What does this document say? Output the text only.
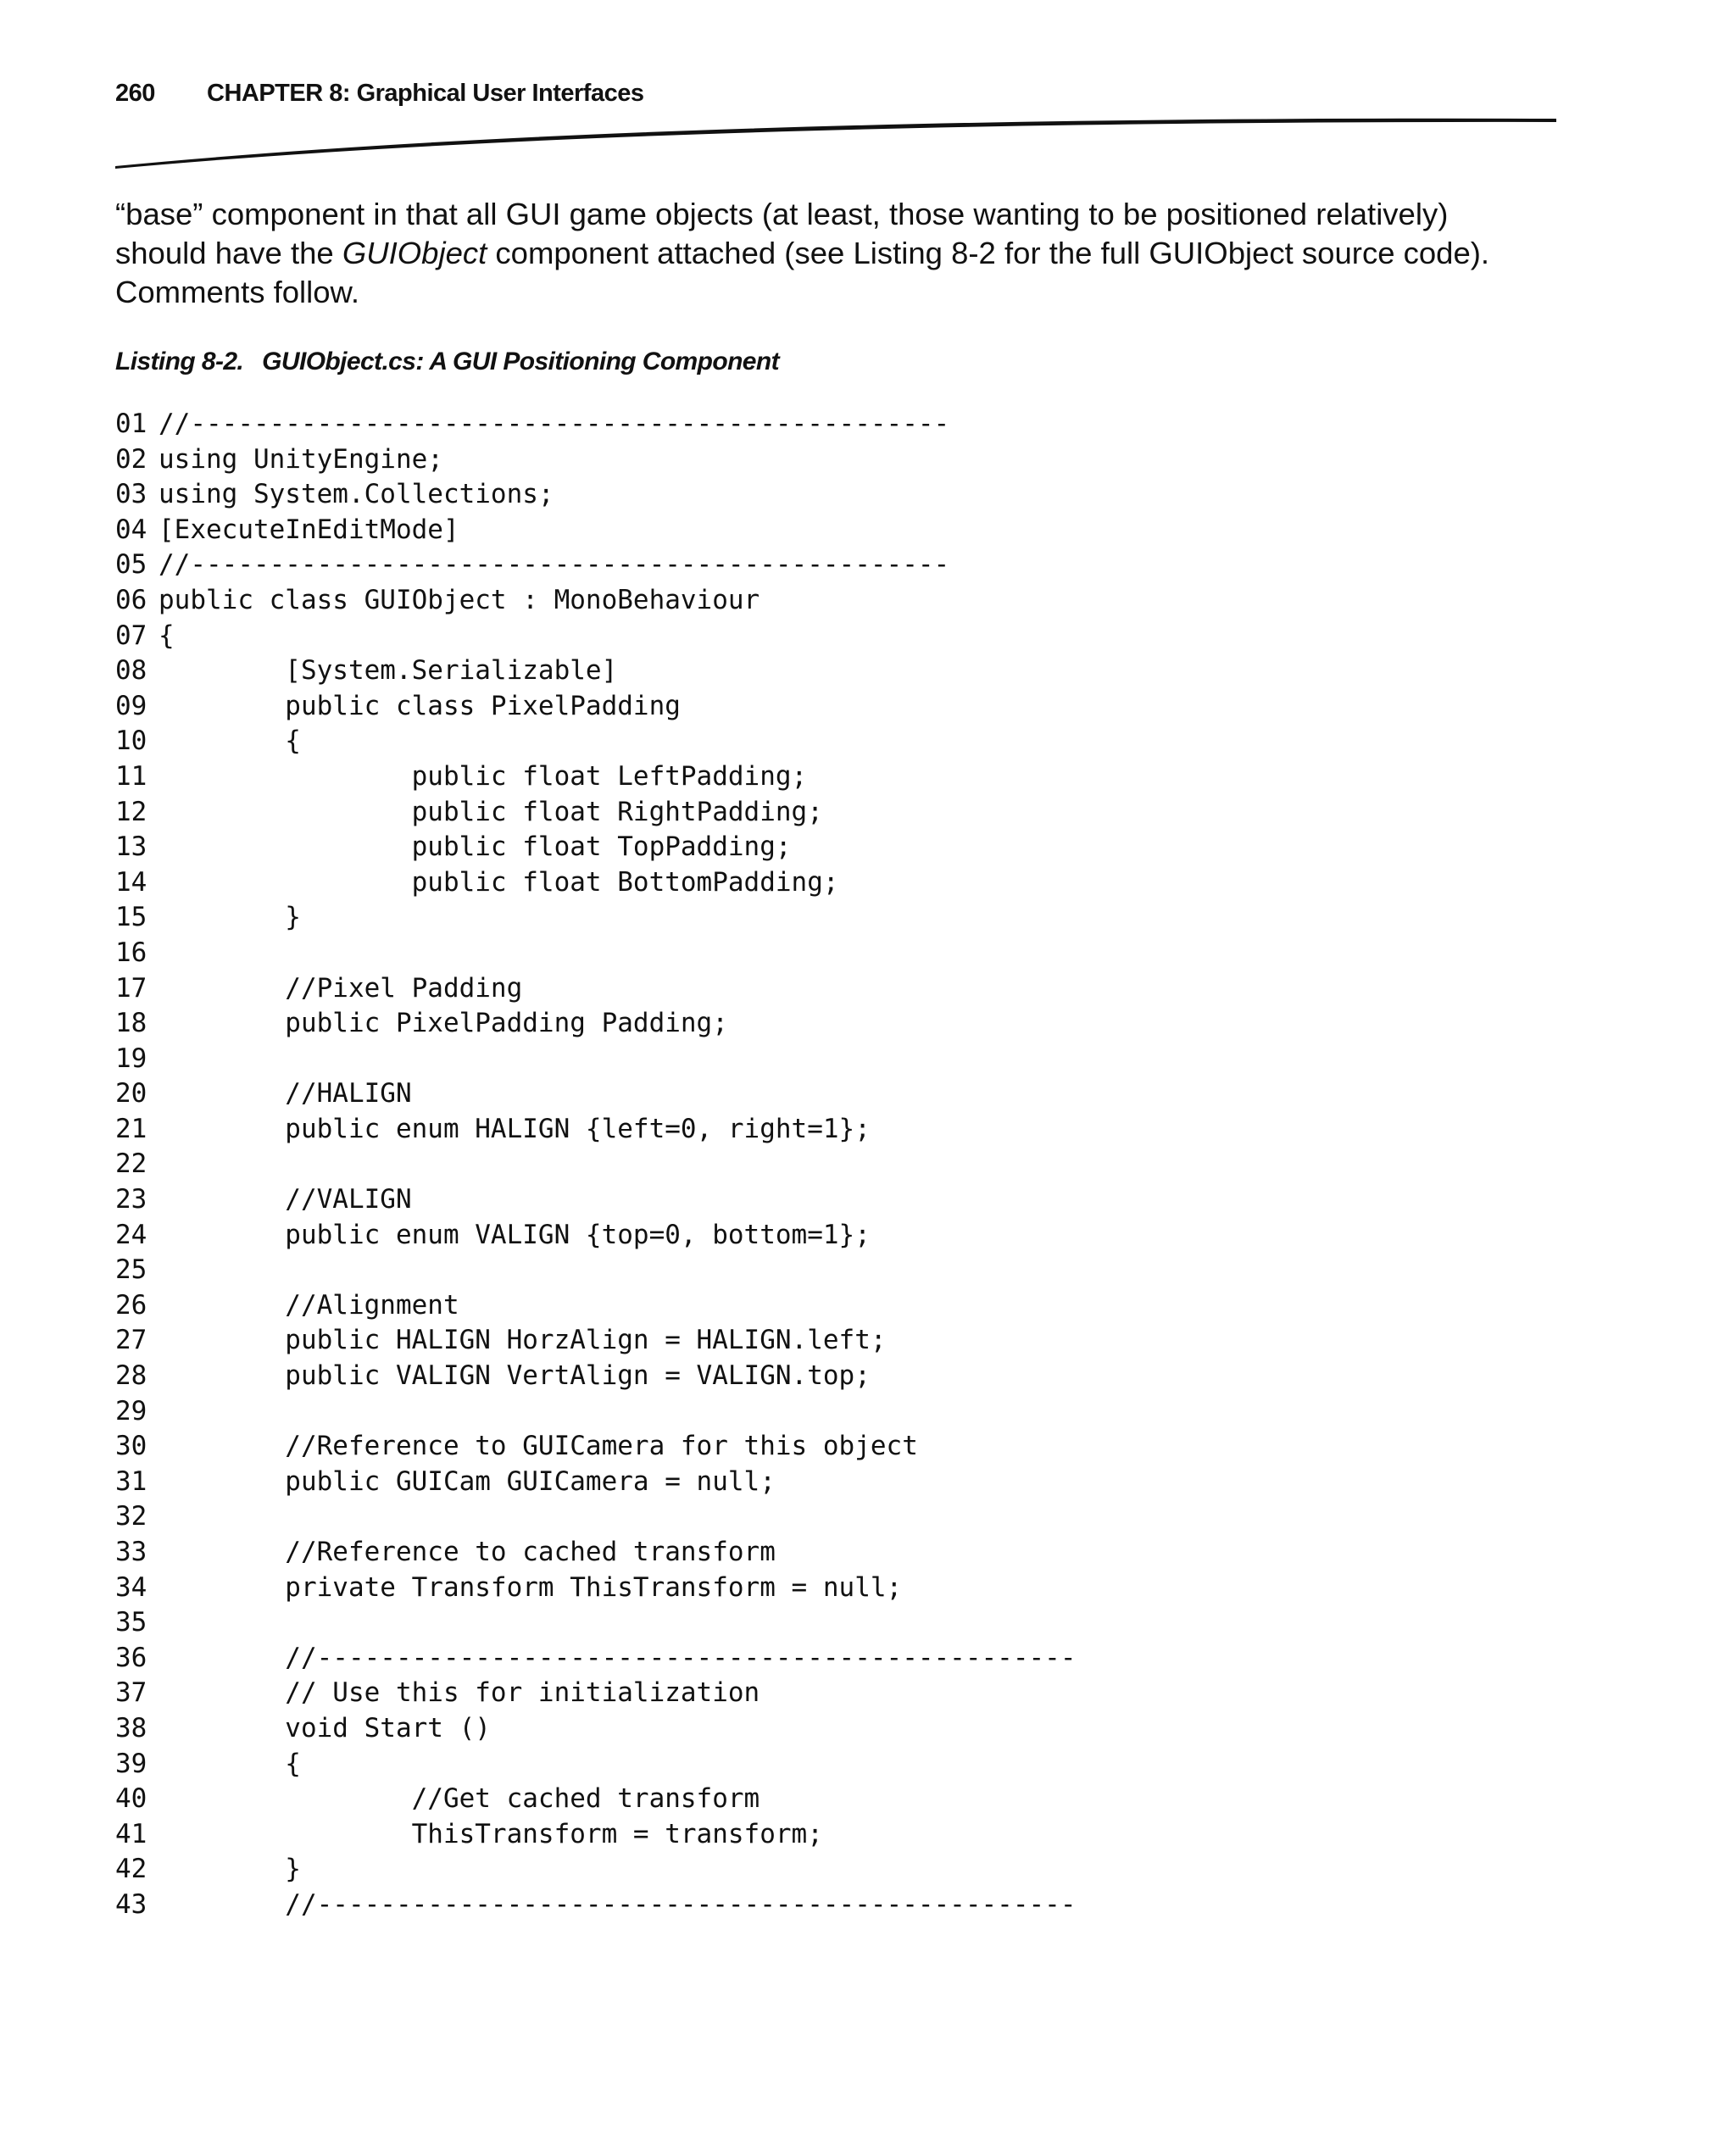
260 CHAPTER 8: Graphical User Interfaces
“base” component in that all GUI game objects (at least, those wanting to be positioned relatively)
should have the GUIObject component attached (see Listing 8-2 for the full GUIObject source code).
Comments follow.
Listing 8-2. GUIObject.cs: A GUI Positioning Component
01 //------------------------------------------------
02 using UnityEngine;
03 using System.Collections;
04 [ExecuteInEditMode]
05 //------------------------------------------------
06 public class GUIObject : MonoBehaviour
07 {
08        [System.Serializable]
09        public class PixelPadding
10        {
11                public float LeftPadding;
12                public float RightPadding;
13                public float TopPadding;
14                public float BottomPadding;
15        }
16
17        //Pixel Padding
18        public PixelPadding Padding;
19
20        //HALIGN
21        public enum HALIGN {left=0, right=1};
22
23        //VALIGN
24        public enum VALIGN {top=0, bottom=1};
25
26        //Alignment
27        public HALIGN HorzAlign = HALIGN.left;
28        public VALIGN VertAlign = VALIGN.top;
29
30        //Reference to GUICamera for this object
31        public GUICam GUICamera = null;
32
33        //Reference to cached transform
34        private Transform ThisTransform = null;
35
36        //------------------------------------------------
37        // Use this for initialization
38        void Start ()
39        {
40                //Get cached transform
41                ThisTransform = transform;
42        }
43        //------------------------------------------------
